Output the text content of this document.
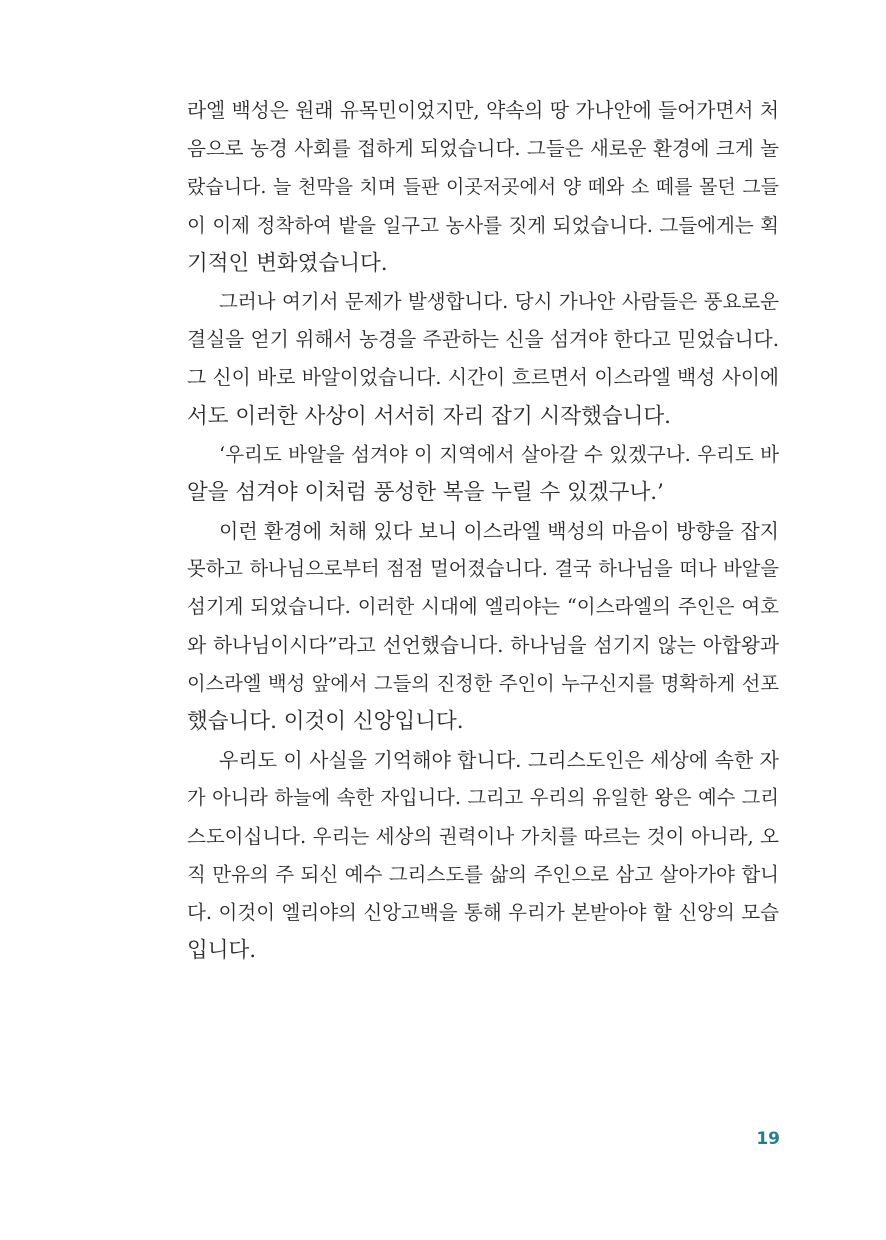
라엘 백성은 원래 유목민이었지만, 약속의 땅 가나안에 들어가면서 처
음으로 농경 사회를 접하게 되었습니다. 그들은 새로운 환경에 크게 놀
랐습니다. 늘 천막을 치며 들판 이곳저곳에서 양 떼와 소 떼를 몰던 그들
이 이제 정착하여 밭을 일구고 농사를 짓게 되었습니다. 그들에게는 획
기적인 변화였습니다.
그러나 여기서 문제가 발생합니다. 당시 가나안 사람들은 풍요로운
결실을 얻기 위해서 농경을 주관하는 신을 섬겨야 한다고 믿었습니다.
그 신이 바로 바알이었습니다. 시간이 흐르면서 이스라엘 백성 사이에
서도 이러한 사상이 서서히 자리 잡기 시작했습니다.
‘우리도 바알을 섬겨야 이 지역에서 살아갈 수 있겠구나. 우리도 바
알을 섬겨야 이처럼 풍성한 복을 누릴 수 있겠구나.’
이런 환경에 처해 있다 보니 이스라엘 백성의 마음이 방향을 잡지
못하고 하나님으로부터 점점 멀어졌습니다. 결국 하나님을 떠나 바알을
섬기게 되었습니다. 이러한 시대에 엘리야는 “이스라엘의 주인은 여호
와 하나님이시다”라고 선언했습니다. 하나님을 섬기지 않는 아합왕과
이스라엘 백성 앞에서 그들의 진정한 주인이 누구신지를 명확하게 선포
했습니다. 이것이 신앙입니다.
우리도 이 사실을 기억해야 합니다. 그리스도인은 세상에 속한 자
가 아니라 하늘에 속한 자입니다. 그리고 우리의 유일한 왕은 예수 그리
스도이십니다. 우리는 세상의 권력이나 가치를 따르는 것이 아니라, 오
직 만유의 주 되신 예수 그리스도를 삶의 주인으로 삼고 살아가야 합니
다. 이것이 엘리야의 신앙고백을 통해 우리가 본받아야 할 신앙의 모습
입니다.
19
